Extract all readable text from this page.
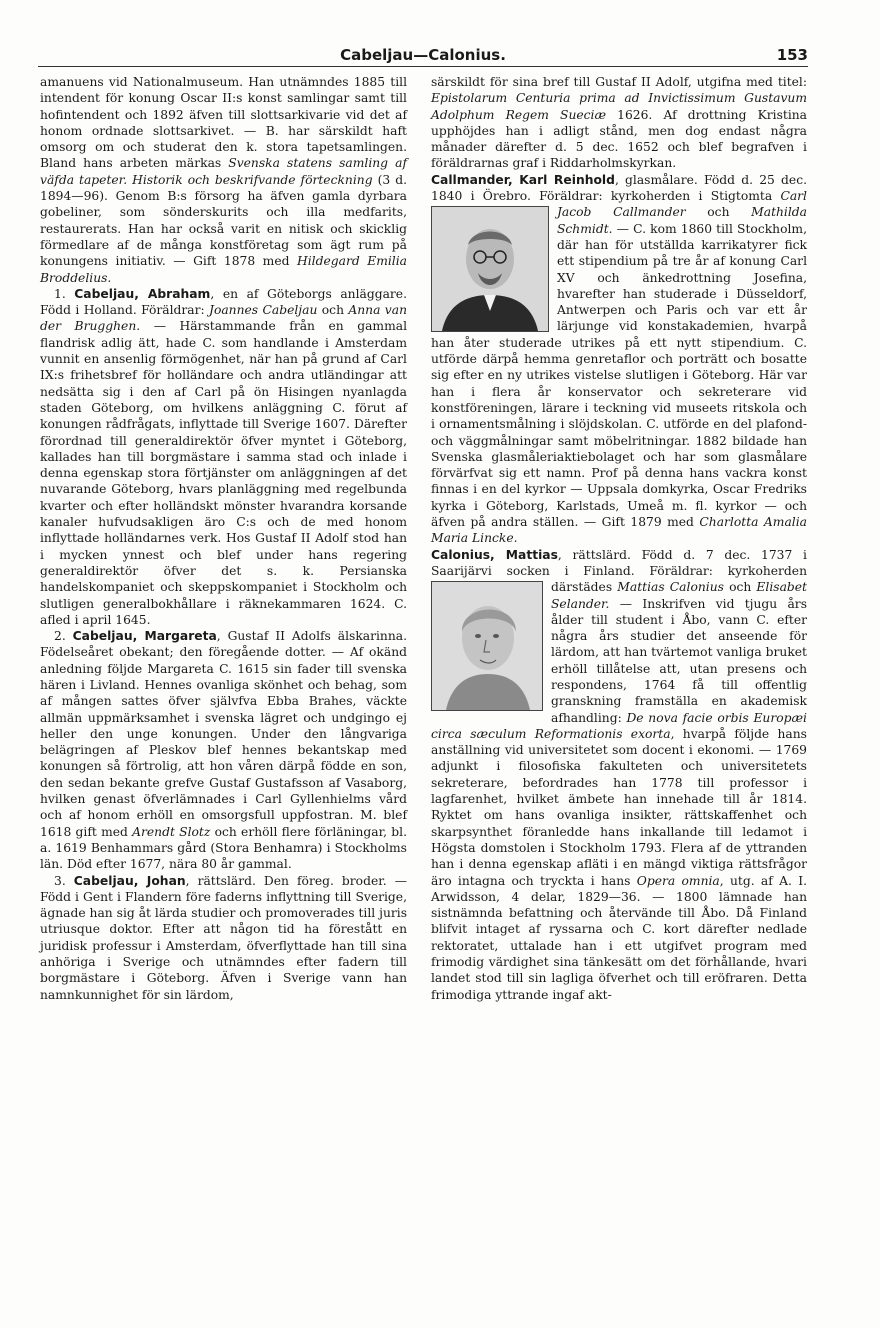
Cabeljau—Calonius.	153

amanuens vid Nationalmuseum. Han utnämndes 1885 till intendent för konung Oscar II:s konst samlingar samt till hofintendent och 1892 äfven till slottsarkivarie vid det af honom ordnade slottsarkivet. — B. har särskildt haft omsorg om och studerat den k. stora tapetsamlingen. Bland hans arbeten märkas Svenska statens samling af väfda tapeter. Historik och beskrifvande förteckning (3 d. 1894—96). Genom B:s försorg ha äfven gamla dyrbara gobeliner, som sönderskurits och illa medfarits, restaurerats. Han har också varit en nitisk och skicklig förmedlare af de många konstföretag som ägt rum på konungens initiativ. — Gift 1878 med Hildegard Emilia Broddelius.

1. Cabeljau, Abraham, en af Göteborgs anläggare. Född i Holland. Föräldrar: Joannes Cabeljau och Anna van der Brugghen. — Härstammande från en gammal flandrisk adlig ätt, hade C. som handlande i Amsterdam vunnit en ansenlig förmögenhet, när han på grund af Carl IX:s frihetsbref för holländare och andra utländingar att nedsätta sig i den af Carl på ön Hisingen nyanlagda staden Göteborg, om hvilkens anläggning C. förut af konungen rådfrågats, inflyttade till Sverige 1607. Därefter förordnad till generaldirektör öfver myntet i Göteborg, kallades han till borgmästare i samma stad och inlade i denna egenskap stora förtjänster om anläggningen af det nuvarande Göteborg, hvars planläggning med regelbunda kvarter och efter holländskt mönster hvarandra korsande kanaler hufvudsakligen äro C:s och de med honom inflyttade holländarnes verk. Hos Gustaf II Adolf stod han i mycken ynnest och blef under hans regering generaldirektör öfver det s. k. Persianska handelskompaniet och skeppskompaniet i Stockholm och slutligen generalbokhållare i räknekammaren 1624. C. afled i april 1645.

2. Cabeljau, Margareta, Gustaf II Adolfs älskarinna. Födelseåret obekant; den föregående dotter. — Af okänd anledning följde Margareta C. 1615 sin fader till svenska hären i Livland. Hennes ovanliga skönhet och behag, som af mången sattes öfver självfva Ebba Brahes, väckte allmän uppmärksamhet i svenska lägret och undgingo ej heller den unge konungen. Under den långvariga belägringen af Pleskov blef hennes bekantskap med konungen så förtrolig, att hon våren därpå födde en son, den sedan bekante grefve Gustaf Gustafsson af Vasaborg, hvilken genast öfverlämnades i Carl Gyllenhielms vård och af honom erhöll en omsorgsfull uppfostran. M. blef 1618 gift med Arendt Slotz och erhöll flere förläningar, bl. a. 1619 Benhammars gård (Stora Benhamra) i Stockholms län. Död efter 1677, nära 80 år gammal.

3. Cabeljau, Johan, rättslärd. Den föreg. broder. — Född i Gent i Flandern före faderns inflyttning till Sverige, ägnade han sig åt lärda studier och promoverades till juris utriusque doktor. Efter att någon tid ha förestått en juridisk professur i Amsterdam, öfverflyttade han till sina anhöriga i Sverige och utnämndes efter fadern till borgmästare i Göteborg. Äfven i Sverige vann han namnkunnighet för sin lärdom,

särskildt för sina bref till Gustaf II Adolf, utgifna med titel: Epistolarum Centuria prima ad Invictissimum Gustavum Adolphum Regem Sueciæ 1626. Af drottning Kristina upphöjdes han i adligt stånd, men dog endast några månader därefter d. 5 dec. 1652 och blef begrafven i föräldrarnas graf i Riddarholmskyrkan.

Callmander, Karl Reinhold, glasmålare. Född d. 25 dec. 1840 i Örebro. Föräldrar: kyrkoherden i Stigtomta
Carl Jacob Callmander och Mathilda Schmidt. — C. kom 1860 till Stockholm, där han för utställda karrikatyrer fick ett stipendium på tre år af konung Carl XV och änkedrottning Josefina, hvarefter han studerade i Düsseldorf, Antwerpen och Paris och var ett år lärjunge vid konstakademien, hvarpå han åter studerade utrikes på ett nytt stipendium. C. utförde därpå hemma genretaflor och porträtt och bosatte sig efter en ny utrikes vistelse slutligen i Göteborg. Här var han i flera år konservator och sekreterare vid konstföreningen, lärare i teckning vid museets ritskola och i ornamentsmålning i slöjdskolan. C. utförde en del plafond- och väggmålningar samt möbelritningar. 1882 bildade han Svenska glasmåleriaktiebolaget och har som glasmålare förvärfvat sig ett namn. Prof på denna hans vackra konst finnas i en del kyrkor — Uppsala domkyrka, Oscar Fredriks kyrka i Göteborg, Karlstads, Umeå m. fl. kyrkor — och äfven på andra ställen. — Gift 1879 med Charlotta Amalia Maria Lincke.

Calonius, Mattias, rättslärd. Född d. 7 dec. 1737 i Saarijärvi socken i Finland. Föräldrar: kyrkoherden därstädes
Mattias Calonius och Elisabet Selander. — Inskrifven vid tjugu års ålder till student i Åbo, vann C. efter några års studier det anseende för lärdom, att han tvärtemot vanliga bruket erhöll tillåtelse att, utan presens och respondens, 1764 få till offentlig granskning framställa en akademisk afhandling: De nova facie orbis Europæi circa sæculum Reformationis exorta, hvarpå följde hans anställning vid universitetet som docent i ekonomi. — 1769 adjunkt i filosofiska fakulteten och universitetets sekreterare, befordrades han 1778 till professor i lagfarenhet, hvilket ämbete han innehade till år 1814. Ryktet om hans ovanliga insikter, rättskaffenhet och skarpsynthet föranledde hans inkallande till ledamot i Högsta domstolen i Stockholm 1793. Flera af de yttranden han i denna egenskap afläti i en mängd viktiga rättsfrågor äro intagna och tryckta i hans Opera omnia, utg. af A. I. Arwidsson, 4 delar, 1829—36. — 1800 lämnade han sistnämnda befattning och återvände till Åbo. Då Finland blifvit intaget af ryssarna och C. kort därefter nedlade rektoratet, uttalade han i ett utgifvet program med frimodig värdighet sina tänkesätt om det förhållande, hvari landet stod till sin lagliga öfverhet och till eröfraren. Detta frimodiga yttrande ingaf akt-
